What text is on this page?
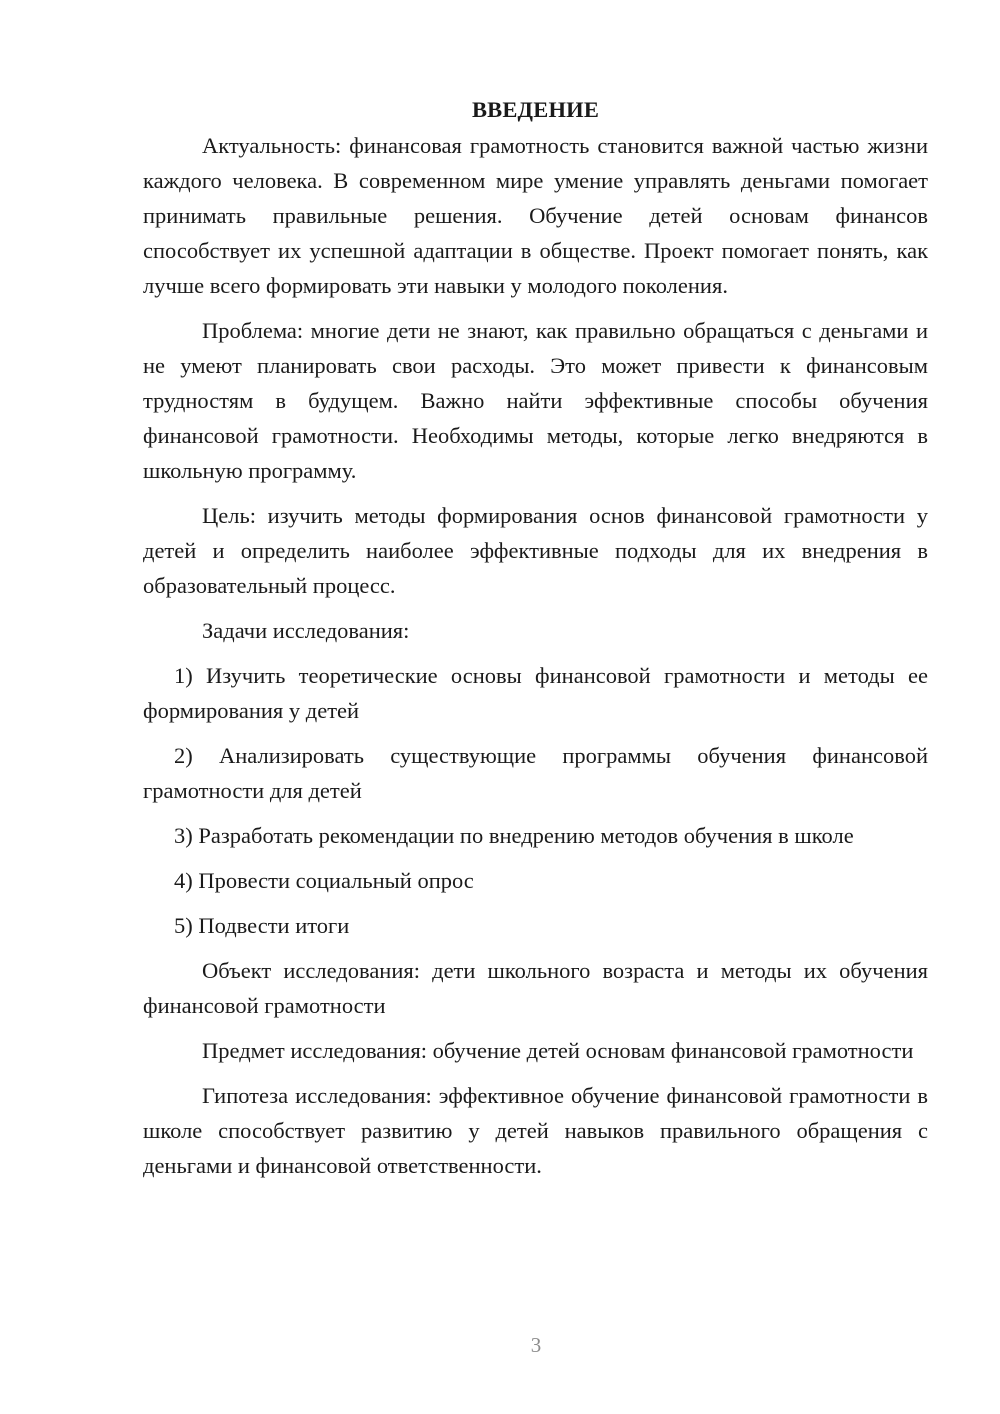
ВВЕДЕНИЕ

Актуальность: финансовая грамотность становится важной частью жизни каждого человека. В современном мире умение управлять деньгами помогает принимать правильные решения. Обучение детей основам финансов способствует их успешной адаптации в обществе. Проект помогает понять, как лучше всего формировать эти навыки у молодого поколения.

Проблема: многие дети не знают, как правильно обращаться с деньгами и не умеют планировать свои расходы. Это может привести к финансовым трудностям в будущем. Важно найти эффективные способы обучения финансовой грамотности. Необходимы методы, которые легко внедряются в школьную программу.

Цель: изучить методы формирования основ финансовой грамотности у детей и определить наиболее эффективные подходы для их внедрения в образовательный процесс.

Задачи исследования:

1) Изучить теоретические основы финансовой грамотности и методы ее формирования у детей

2) Анализировать существующие программы обучения финансовой грамотности для детей

3) Разработать рекомендации по внедрению методов обучения в школе

4) Провести социальный опрос

5) Подвести итоги

Объект исследования: дети школьного возраста и методы их обучения финансовой грамотности

Предмет исследования: обучение детей основам финансовой грамотности

Гипотеза исследования: эффективное обучение финансовой грамотности в школе способствует развитию у детей навыков правильного обращения с деньгами и финансовой ответственности.

3
